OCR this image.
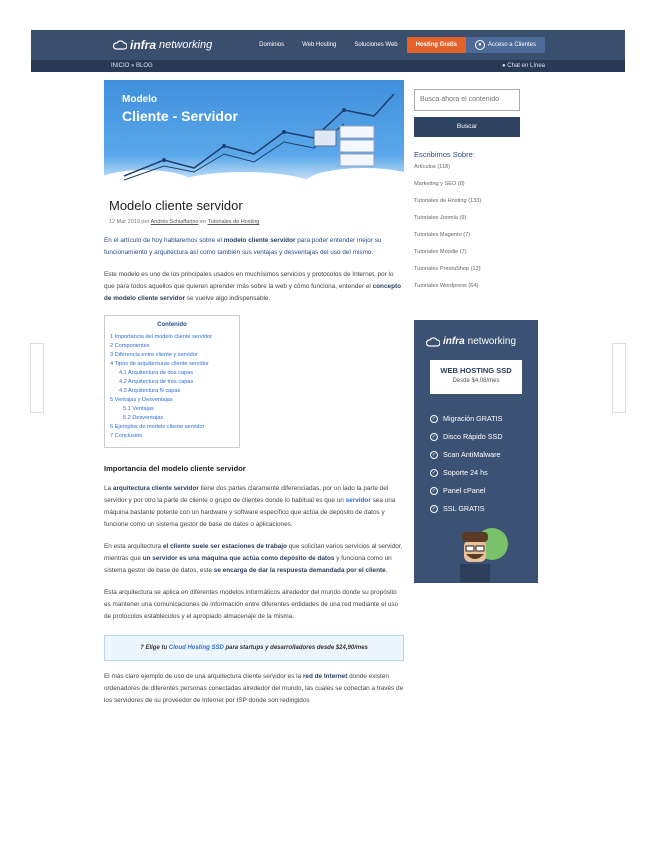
infra networking	Dominios	Web Hosting	Soluciones Web	Hosting Gratis	●	Acceso a Clientes
INICIO » BLOG	● Chat en Línea
Modelo
Cliente - Servidor
Modelo cliente servidor
12 Mar 2019 por Andrés Schiaffarino en Tutoriales de Hosting

En el artículo de hoy hablaremos sobre el modelo cliente servidor para poder entender mejor su funcionamiento y arquitectura así como también sus ventajas y desventajas del uso del mismo.

Este modelo es uno de los principales usados en muchísimos servicios y protocolos de Internet, por lo que para todos aquellos que quieren aprender más sobre la web y cómo funciona, entender el concepto de modelo cliente servidor se vuelve algo indispensable.

Contenido
1 Importancia del modelo cliente servidor
2 Componentes
3 Diferencia entre cliente y servidor
4 Tipos de arquitecturas cliente servidor
4.1 Arquitectura de dos capas
4.2 Arquitectura de tres capas
4.3 Arquitectura N capas
5 Ventajas y Desventajas
5.1 Ventajas
5.2 Desventajas
6 Ejemplos de modelo cliente servidor
7 Conclusión
Importancia del modelo cliente servidor

La arquitectura cliente servidor tiene dos partes claramente diferenciadas, por un lado la parte del servidor y por otro la parte de cliente o grupo de clientes donde lo habitual es que un servidor sea una máquina bastante potente con un hardware y software específico que actúa de depósito de datos y funcione como un sistema gestor de base de datos o aplicaciones.

En esta arquitectura el cliente suele ser estaciones de trabajo que solicitan varios servicios al servidor, mientras que un servidor es una máquina que actúa como depósito de datos y funciona como un sistema gestor de base de datos, este se encarga de dar la respuesta demandada por el cliente.

Esta arquitectura se aplica en diferentes modelos informáticos alrededor del mundo donde su propósito es mantener una comunicaciones de información entre diferentes entidades de una red mediante el uso de protocolos establecidos y el apropiado almacenaje de la misma.

? Elige tu Cloud Hosting SSD para startups y desarrolladores desde $24,90/mes

El más claro ejemplo de uso de una arquitectura cliente servidor es la red de Internet donde existen ordenadores de diferentes personas conectadas alrededor del mundo, las cuales se conectan a través de los servidores de su proveedor de Internet por ISP donde son redirigidos

Busca ahora el contenido
Buscar
Escribimos Sobre:
Artículos (118)
Marketing y SEO (8)
Tutoriales de Hosting (133)
Tutoriales Joomla (9)
Tutoriales Magento (7)
Tutoriales Moodle (7)
Tutoriales PrestaShop (13)
Tutoriales Wordpress (64)
infra networking
WEB HOSTING SSD
Desde $4,08/mes
✓ Migración GRATIS
✓ Disco Rápido SSD
✓ Scan AntiMalware
✓ Soporte 24 hs
✓ Panel cPanel
✓ SSL GRATIS
